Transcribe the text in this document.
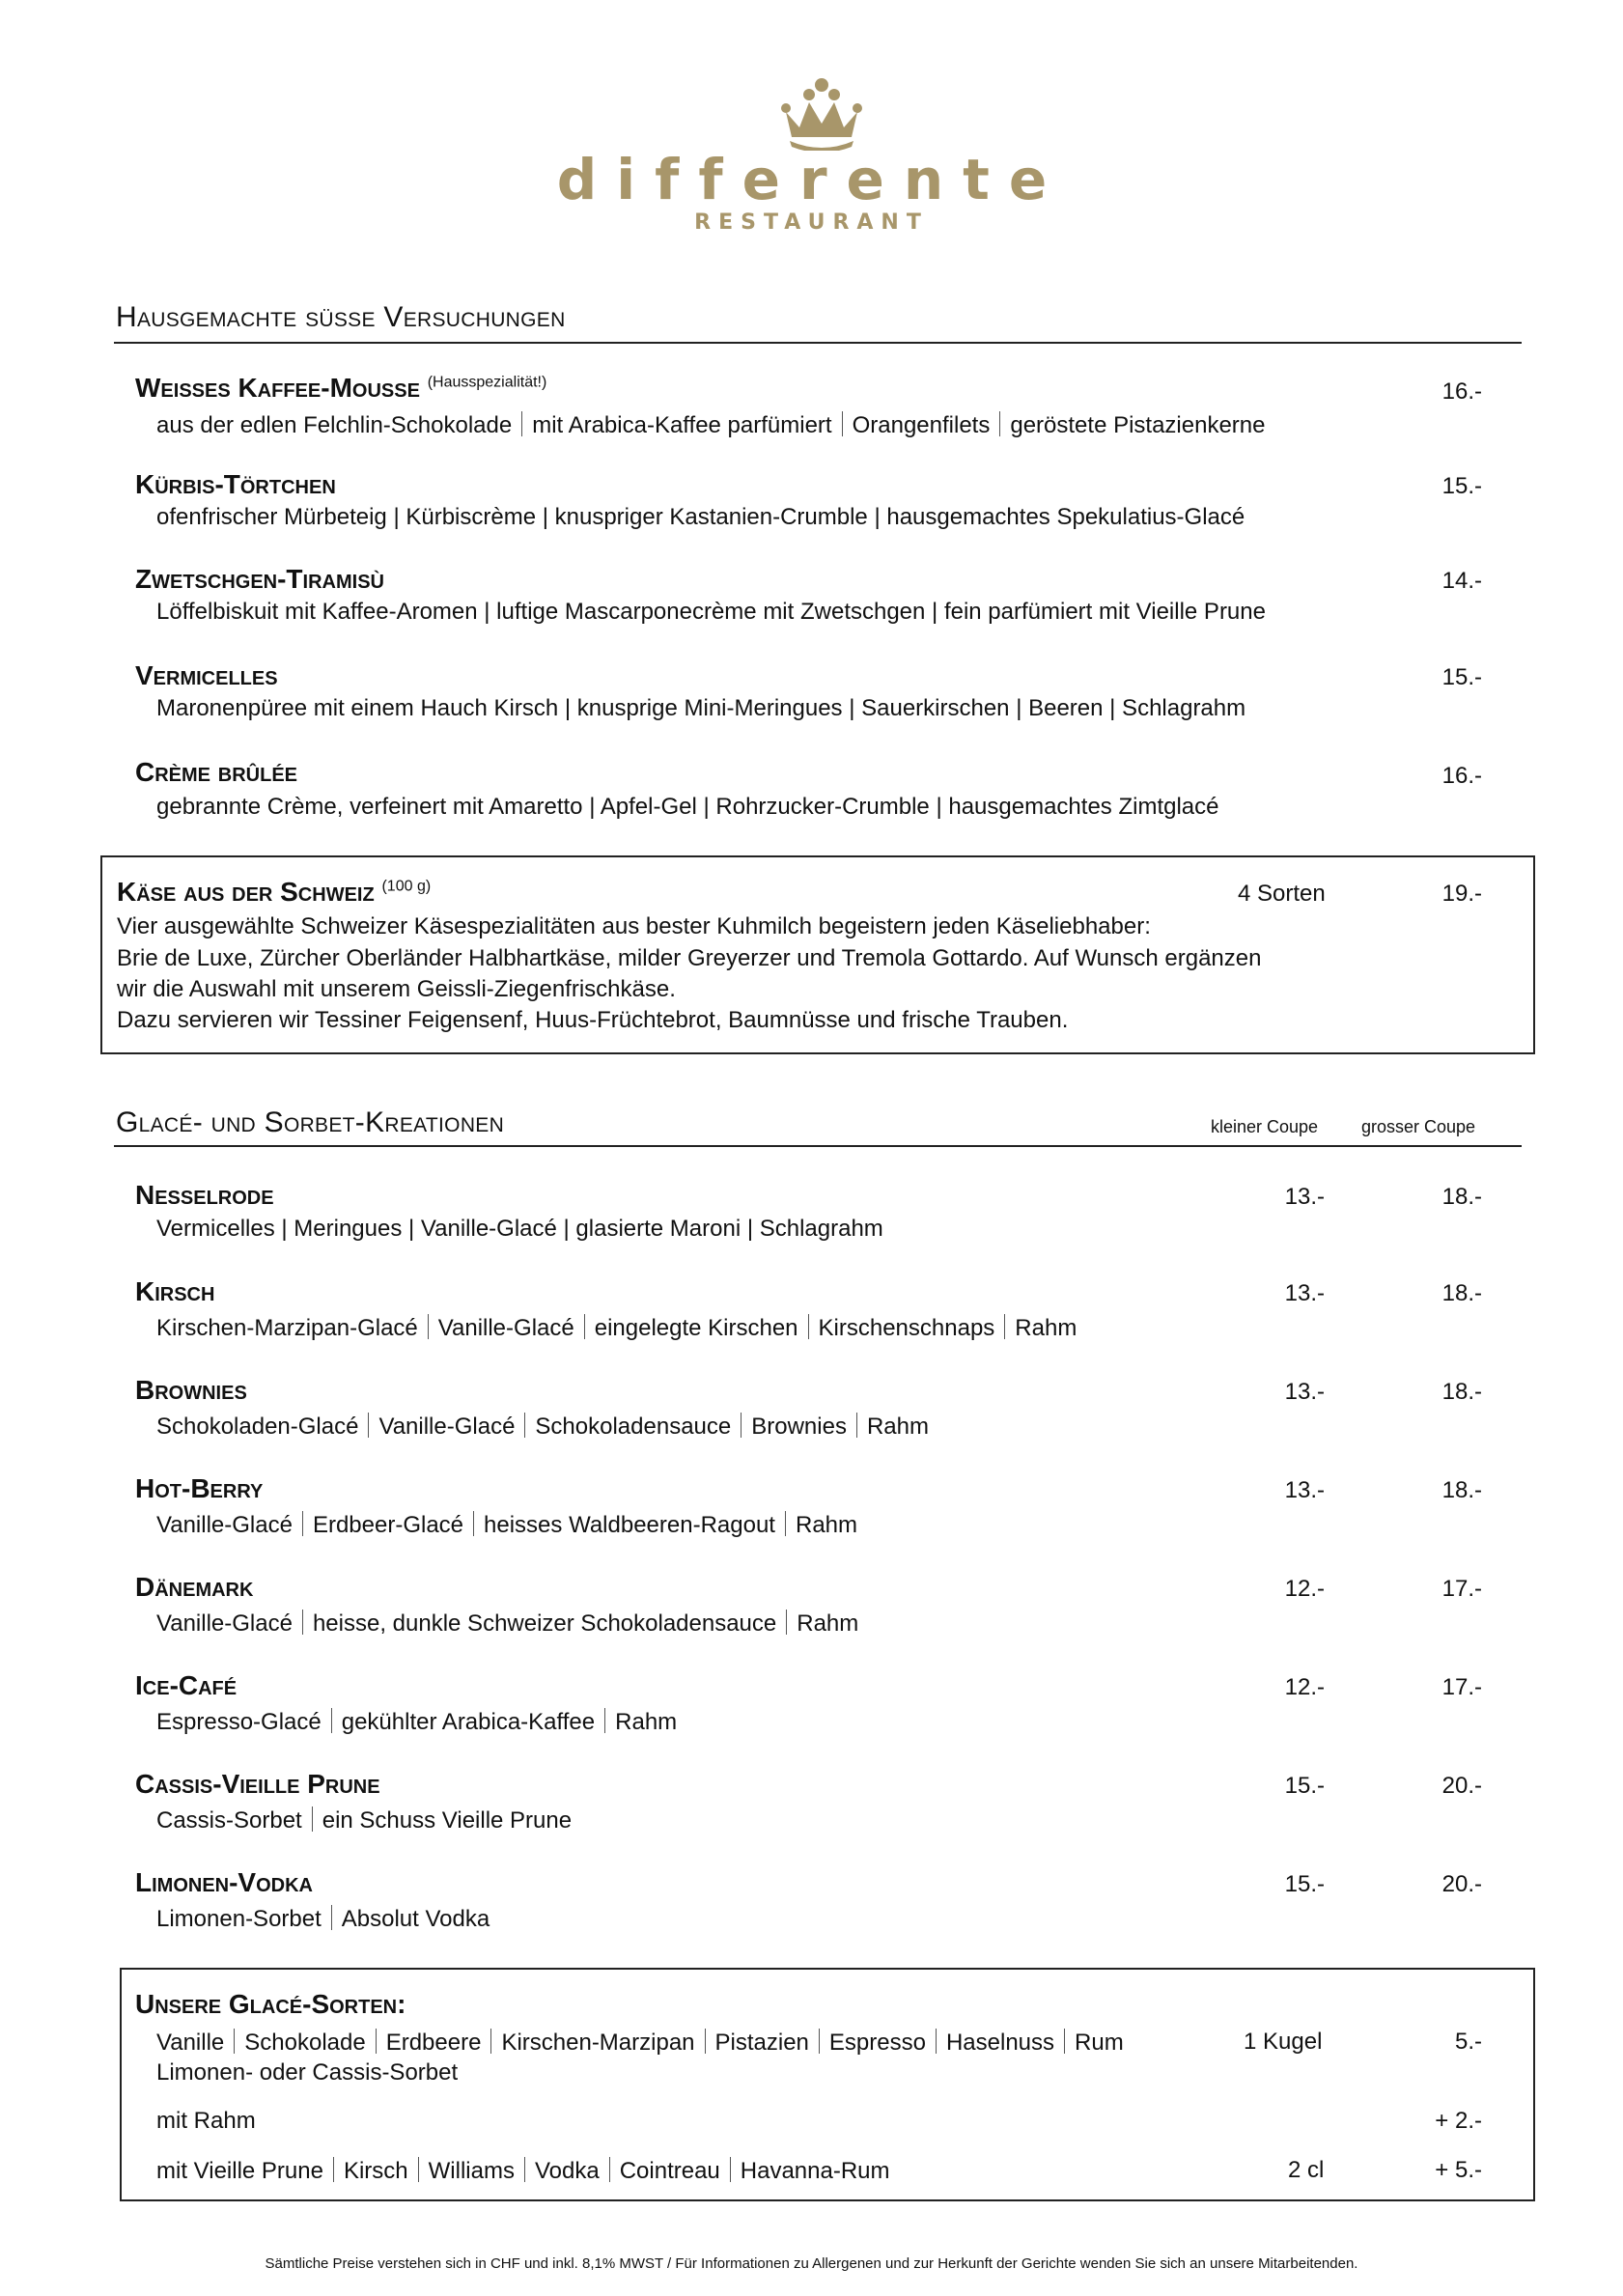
differente
RESTAURANT
Hausgemachte süsse Versuchungen
Weisses Kaffee-Mousse $^{(Hausspezialität!)}$	16.-
aus der edlen Felchlin-Schokolade mit Arabica-Kaffee parfümiert Orangenfilets geröstete Pistazienkerne
Kürbis-Törtchen	15.-
ofenfrischer Mürbeteig | Kürbiscrème | knuspriger Kastanien-Crumble | hausgemachtes Spekulatius-Glacé
Zwetschgen-Tiramisù	14.-
Löffelbiskuit mit Kaffee-Aromen | luftige Mascarponecrème mit Zwetschgen | fein parfümiert mit Vieille Prune
Vermicelles	15.-
Maronenpüree mit einem Hauch Kirsch | knusprige Mini-Meringues | Sauerkirschen | Beeren | Schlagrahm
Crème brûlée	16.-
gebrannte Crème, verfeinert mit Amaretto | Apfel-Gel | Rohrzucker-Crumble | hausgemachtes Zimtglacé
Käse aus der Schweiz $^{(100 g)}$	4 Sorten	19.-
Vier ausgewählte Schweizer Käsespezialitäten aus bester Kuhmilch begeistern jeden Käseliebhaber:
Brie de Luxe, Zürcher Oberländer Halbhartkäse, milder Greyerzer und Tremola Gottardo. Auf Wunsch ergänzen
wir die Auswahl mit unserem Geissli-Ziegenfrischkäse.
Dazu servieren wir Tessiner Feigensenf, Huus-Früchtebrot, Baumnüsse und frische Trauben.
Glacé- und Sorbet-Kreationen	kleiner Coupe grosser Coupe
Nesselrode	13.-	18.-
Vermicelles | Meringues | Vanille-Glacé | glasierte Maroni | Schlagrahm
Kirsch	13.-	18.-
Kirschen-Marzipan-Glacé Vanille-Glacé eingelegte Kirschen Kirschenschnaps Rahm
Brownies	13.-	18.-
Schokoladen-Glacé Vanille-Glacé Schokoladensauce Brownies Rahm
Hot-Berry	13.-	18.-
Vanille-Glacé Erdbeer-Glacé heisses Waldbeeren-Ragout Rahm
Dänemark	12.-	17.-
Vanille-Glacé heisse, dunkle Schweizer Schokoladensauce Rahm
Ice-Café	12.-	17.-
Espresso-Glacé gekühlter Arabica-Kaffee Rahm
Cassis-Vieille Prune	15.-	20.-
Cassis-Sorbet ein Schuss Vieille Prune
Limonen-Vodka	15.-	20.-
Limonen-Sorbet Absolut Vodka
Unsere Glacé-Sorten:
Vanille Schokolade Erdbeere Kirschen-Marzipan Pistazien Espresso Haselnuss Rum	1 Kugel	5.-
Limonen- oder Cassis-Sorbet
mit Rahm	+ 2.-
mit Vieille Prune Kirsch Williams Vodka Cointreau Havanna-Rum	2 cl	+ 5.-
Sämtliche Preise verstehen sich in CHF und inkl. 8,1% MWST / Für Informationen zu Allergenen und zur Herkunft der Gerichte wenden Sie sich an unsere Mitarbeitenden.
